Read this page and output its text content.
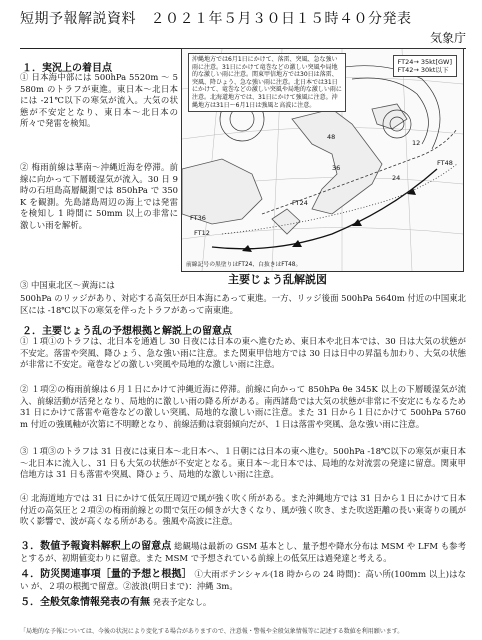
短期予報解説資料　２０２１年５月３０日１５時４０分発表
気象庁
１．実況上の着目点
① 日本海中部には 500hPa 5520m ～ 5580m のトラフが東進。東日本～北日本には -21℃以下の寒気が流入。大気の状態が不安定となり、東日本～北日本の所々で発雷を検知。
② 梅雨前線は華南～沖縄近海を停滞。前線に向かって下層暖湿気が流入。30 日 9 時の石垣島高層観測では 850hPa で 350K を観測。先島諸島周辺の海上では発雷を検知し 1 時間に 50mm 以上の非常に激しい雨を解析。
③ 中国東北区～黄海には
500hPa のリッジがあり、対応する高気圧が日本海にあって東進。一方、リッジ後面 500hPa 5640m 付近の中国東北区には -18℃以下の寒気を伴ったトラフがあって南東進。
沖縄地方では6月1日にかけて、落雷、突風、急な強い雨に注意。31日にかけて竜巻などの激しい突風や局地的な激しい雨に注意。関東甲信地方では30日は落雷、突風、降ひょう、急な強い雨に注意。北日本では31日にかけて、竜巻などの激しい突風や局地的な激しい雨に注意。北海道地方では、31日にかけて強風に注意。沖縄地方は31日～6月1日は強風と高波に注意。
FT24→ 35kt[GW]
FT42→ 30kt以下
FT36
FT12
FT48
FT24
12
24
36
48
前線記号の黒塗りはFT24、白抜きはFT48。
主要じょう乱解説図
２．主要じょう乱の予想根拠と解説上の留意点
① １項①のトラフは、北日本を通過し 30 日夜には日本の東へ進むため、東日本や北日本では、30 日は大気の状態が不安定。落雷や突風、降ひょう、急な強い雨に注意。また関東甲信地方では 30 日は日中の昇温も加わり、大気の状態が非常に不安定。竜巻などの激しい突風や局地的な激しい雨に注意。
② １項②の梅雨前線は６月１日にかけて沖縄近海に停滞。前線に向かって 850hPa θe 345K 以上の下層暖湿気が流入、前線活動が活発となり、局地的に激しい雨の降る所がある。南西諸島では大気の状態が非常に不安定にもなるため 31 日にかけて落雷や竜巻などの激しい突風、局地的な激しい雨に注意。また 31 日から１日にかけて 500hPa 5760m 付近の強風軸が次第に不明瞭となり、前線活動は衰弱傾向だが、１日は落雷や突風、急な強い雨に注意。
③ １項③のトラフは 31 日夜には東日本～北日本へ、１日朝には日本の東へ進む。500hPa -18℃以下の寒気が東日本～北日本に流入し、31 日も大気の状態が不安定となる。東日本～北日本では、局地的な対流雲の発達に留意。関東甲信地方は 31 日も落雷や突風、降ひょう、局地的な激しい雨に注意。
④ 北海道地方では 31 日にかけて低気圧周辺で風が強く吹く所がある。また沖縄地方では 31 日から１日にかけて日本付近の高気圧と２項②の梅雨前線との間で気圧の傾きが大きくなり、風が強く吹き、また吹送距離の長い東寄りの風が吹く影響で、波が高くなる所がある。強風や高波に注意。
３．数値予報資料解釈上の留意点 総観場は最新の GSM 基本とし、量予想や降水分布は MSM や LFM も参考とするが、初期値変わりに留意。また MSM で予想されている前線上の低気圧は過発達と考える。
４．防災関連事項［量的予想と根拠］ ①大雨ポテンシャル(18 時からの 24 時間)：高い所(100mm 以上)はない が、２項の根拠で留意。②波浪(明日まで)：沖縄 3m。
５．全般気象情報発表の有無 発表予定なし。
「局地的な予報については、今後の状況により変化する場合がありますので、注意報・警報や全般気象情報等に記述する数値を利用願います。
